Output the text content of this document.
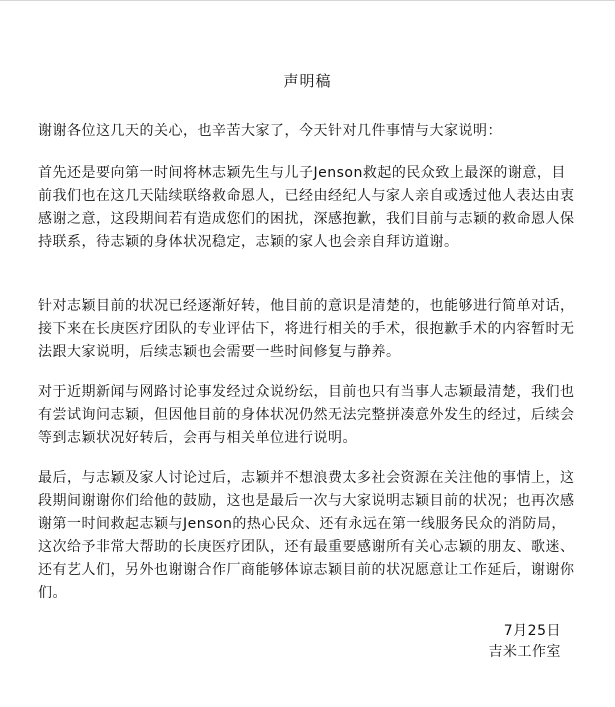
声明稿

谢谢各位这几天的关心，也辛苦大家了，今天针对几件事情与大家说明：

首先还是要向第一时间将林志颖先生与儿子Jenson救起的民众致上最深的谢意，目前我们也在这几天陆续联络救命恩人，已经由经纪人与家人亲自或透过他人表达由衷感谢之意，这段期间若有造成您们的困扰，深感抱歉，我们目前与志颖的救命恩人保持联系，待志颖的身体状况稳定，志颖的家人也会亲自拜访道谢。

针对志颖目前的状况已经逐渐好转，他目前的意识是清楚的，也能够进行简单对话，接下来在长庚医疗团队的专业评估下，将进行相关的手术，很抱歉手术的内容暂时无法跟大家说明，后续志颖也会需要一些时间修复与静养。

对于近期新闻与网路讨论事发经过众说纷纭，目前也只有当事人志颖最清楚，我们也有尝试询问志颖，但因他目前的身体状况仍然无法完整拼凑意外发生的经过，后续会等到志颖状况好转后，会再与相关单位进行说明。

最后，与志颖及家人讨论过后，志颖并不想浪费太多社会资源在关注他的事情上，这段期间谢谢你们给他的鼓励，这也是最后一次与大家说明志颖目前的状况；也再次感谢第一时间救起志颖与Jenson的热心民众、还有永远在第一线服务民众的消防局，这次给予非常大帮助的长庚医疗团队，还有最重要感谢所有关心志颖的朋友、歌迷、还有艺人们，另外也谢谢合作厂商能够体谅志颖目前的状况愿意让工作延后，谢谢你们。

7月25日
吉米工作室
